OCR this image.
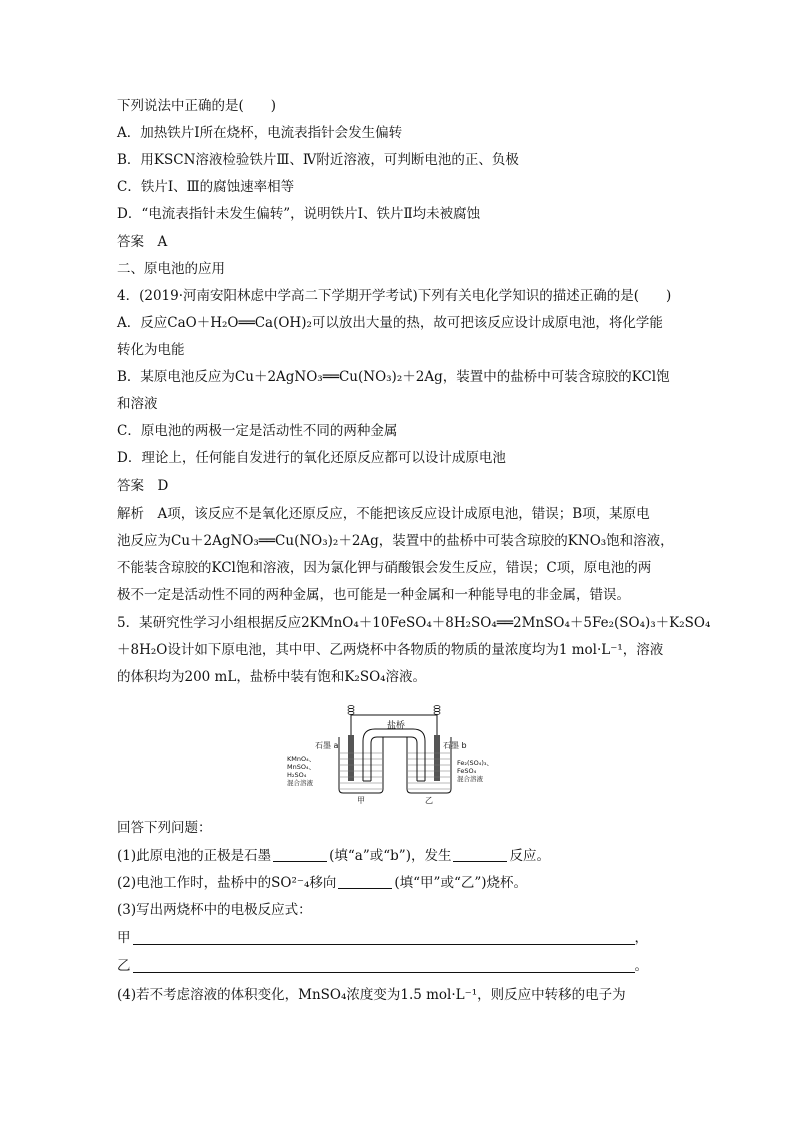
下列说法中正确的是(　　)
A．加热铁片Ⅰ所在烧杯，电流表指针会发生偏转
B．用KSCN溶液检验铁片Ⅲ、Ⅳ附近溶液，可判断电池的正、负极
C．铁片Ⅰ、Ⅲ的腐蚀速率相等
D．“电流表指针未发生偏转”，说明铁片Ⅰ、铁片Ⅱ均未被腐蚀
答案　A
二、原电池的应用
4．(2019·河南安阳林虑中学高二下学期开学考试)下列有关电化学知识的描述正确的是(　　)
A．反应CaO＋H₂O══Ca(OH)₂可以放出大量的热，故可把该反应设计成原电池，将化学能
转化为电能
B．某原电池反应为Cu＋2AgNO₃══Cu(NO₃)₂＋2Ag，装置中的盐桥中可装含琼胶的KCl饱
和溶液
C．原电池的两极一定是活动性不同的两种金属
D．理论上，任何能自发进行的氧化还原反应都可以设计成原电池
答案　D
解析　A项，该反应不是氧化还原反应，不能把该反应设计成原电池，错误；B项，某原电
池反应为Cu＋2AgNO₃══Cu(NO₃)₂＋2Ag，装置中的盐桥中可装含琼胶的KNO₃饱和溶液，
不能装含琼胶的KCl饱和溶液，因为氯化钾与硝酸银会发生反应，错误；C项，原电池的两
极不一定是活动性不同的两种金属，也可能是一种金属和一种能导电的非金属，错误。
5．某研究性学习小组根据反应2KMnO₄＋10FeSO₄＋8H₂SO₄══2MnSO₄＋5Fe₂(SO₄)₃＋K₂SO₄
＋8H₂O设计如下原电池，其中甲、乙两烧杯中各物质的物质的量浓度均为1 mol·L⁻¹，溶液
的体积均为200 mL，盐桥中装有饱和K₂SO₄溶液。
盐桥
石墨 a	石墨 b
KMnO₄、
MnSO₄、
H₂SO₄
混合溶液
Fe₂(SO₄)₃、
FeSO₄
混合溶液
甲	乙
回答下列问题：
(1)此原电池的正极是石墨	(填“a”或“b”)，发生	反应。
(2)电池工作时，盐桥中的SO²⁻₄移向	(填“甲”或“乙”)烧杯。
(3)写出两烧杯中的电极反应式：
甲	，
乙	。
(4)若不考虑溶液的体积变化，MnSO₄浓度变为1.5 mol·L⁻¹，则反应中转移的电子为
